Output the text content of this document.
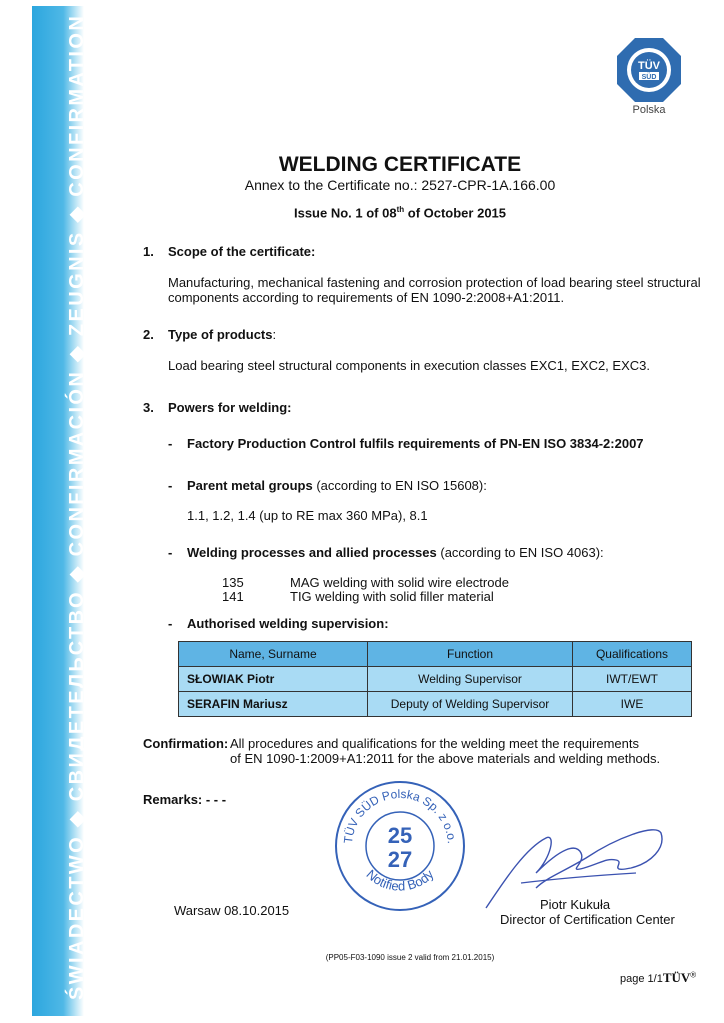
ŚWIADECTWO ◆ СВИДЕТЕЛЬСТВО ◆ CONFIRMACIÓN ◆ ZEUGNIS ◆ CONFIRMATION	TÜV
SÜD
Polska
WELDING CERTIFICATE
Annex to the Certificate no.: 2527-CPR-1A.166.00
Issue No. 1 of 08th of October 2015
1. Scope of the certificate:
Manufacturing, mechanical fastening and corrosion protection of load bearing steel structural
components according to requirements of EN 1090-2:2008+A1:2011.
2. Type of products:
Load bearing steel structural components in execution classes EXC1, EXC2, EXC3.
3. Powers for welding:
- Factory Production Control fulfils requirements of PN-EN ISO 3834-2:2007
- Parent metal groups (according to EN ISO 15608):
1.1, 1.2, 1.4 (up to RE max 360 MPa), 8.1
- Welding processes and allied processes (according to EN ISO 4063):
135	MAG welding with solid wire electrode
141	TIG welding with solid filler material
- Authorised welding supervision:
Name, Surname	Function	Qualifications
SŁOWIAK Piotr	Welding Supervisor	IWT/EWT
SERAFIN Mariusz	Deputy of Welding Supervisor	IWE
Confirmation: All procedures and qualifications for the welding meet the requirements
of EN 1090-1:2009+A1:2011 for the above materials and welding methods.
Remarks: - - -
TÜV SÜD Polska Sp. z o.o.
25
27
Notified Body
Warsaw 08.10.2015	Piotr Kukuła
Director of Certification Center
(PP05-F03-1090 issue 2 valid from 21.01.2015)
page 1/1TÜV®
